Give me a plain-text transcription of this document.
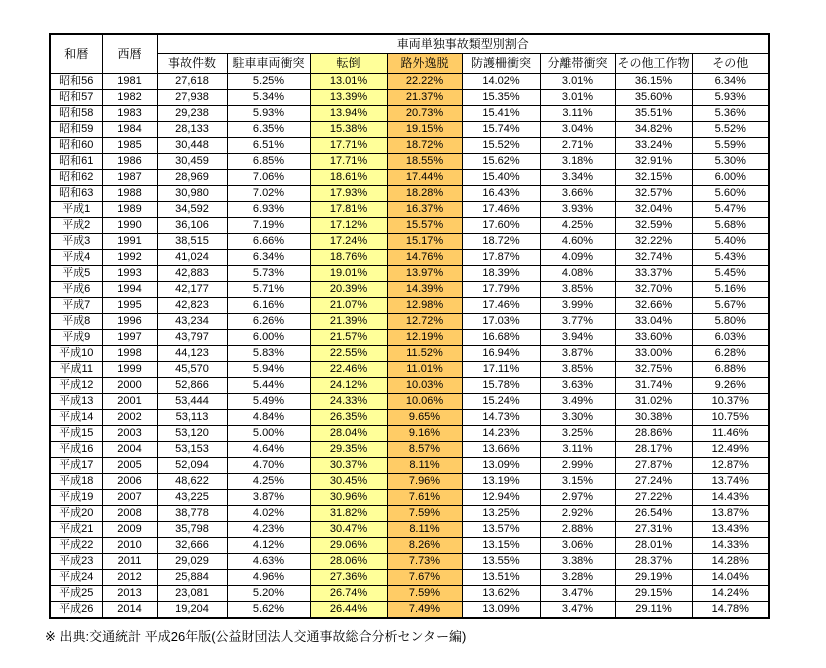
和暦	西暦	車両単独事故類型別割合							
		事故件数	駐車車両衝突	転倒	路外逸脱	防護柵衝突	分離帯衝突	その他工作物	その他
昭和56	1981	27,618	5.25%	13.01%	22.22%	14.02%	3.01%	36.15%	6.34%
昭和57	1982	27,938	5.34%	13.39%	21.37%	15.35%	3.01%	35.60%	5.93%
昭和58	1983	29,238	5.93%	13.94%	20.73%	15.41%	3.11%	35.51%	5.36%
昭和59	1984	28,133	6.35%	15.38%	19.15%	15.74%	3.04%	34.82%	5.52%
昭和60	1985	30,448	6.51%	17.71%	18.72%	15.52%	2.71%	33.24%	5.59%
昭和61	1986	30,459	6.85%	17.71%	18.55%	15.62%	3.18%	32.91%	5.30%
昭和62	1987	28,969	7.06%	18.61%	17.44%	15.40%	3.34%	32.15%	6.00%
昭和63	1988	30,980	7.02%	17.93%	18.28%	16.43%	3.66%	32.57%	5.60%
平成1	1989	34,592	6.93%	17.81%	16.37%	17.46%	3.93%	32.04%	5.47%
平成2	1990	36,106	7.19%	17.12%	15.57%	17.60%	4.25%	32.59%	5.68%
平成3	1991	38,515	6.66%	17.24%	15.17%	18.72%	4.60%	32.22%	5.40%
平成4	1992	41,024	6.34%	18.76%	14.76%	17.87%	4.09%	32.74%	5.43%
平成5	1993	42,883	5.73%	19.01%	13.97%	18.39%	4.08%	33.37%	5.45%
平成6	1994	42,177	5.71%	20.39%	14.39%	17.79%	3.85%	32.70%	5.16%
平成7	1995	42,823	6.16%	21.07%	12.98%	17.46%	3.99%	32.66%	5.67%
平成8	1996	43,234	6.26%	21.39%	12.72%	17.03%	3.77%	33.04%	5.80%
平成9	1997	43,797	6.00%	21.57%	12.19%	16.68%	3.94%	33.60%	6.03%
平成10	1998	44,123	5.83%	22.55%	11.52%	16.94%	3.87%	33.00%	6.28%
平成11	1999	45,570	5.94%	22.46%	11.01%	17.11%	3.85%	32.75%	6.88%
平成12	2000	52,866	5.44%	24.12%	10.03%	15.78%	3.63%	31.74%	9.26%
平成13	2001	53,444	5.49%	24.33%	10.06%	15.24%	3.49%	31.02%	10.37%
平成14	2002	53,113	4.84%	26.35%	9.65%	14.73%	3.30%	30.38%	10.75%
平成15	2003	53,120	5.00%	28.04%	9.16%	14.23%	3.25%	28.86%	11.46%
平成16	2004	53,153	4.64%	29.35%	8.57%	13.66%	3.11%	28.17%	12.49%
平成17	2005	52,094	4.70%	30.37%	8.11%	13.09%	2.99%	27.87%	12.87%
平成18	2006	48,622	4.25%	30.45%	7.96%	13.19%	3.15%	27.24%	13.74%
平成19	2007	43,225	3.87%	30.96%	7.61%	12.94%	2.97%	27.22%	14.43%
平成20	2008	38,778	4.02%	31.82%	7.59%	13.25%	2.92%	26.54%	13.87%
平成21	2009	35,798	4.23%	30.47%	8.11%	13.57%	2.88%	27.31%	13.43%
平成22	2010	32,666	4.12%	29.06%	8.26%	13.15%	3.06%	28.01%	14.33%
平成23	2011	29,029	4.63%	28.06%	7.73%	13.55%	3.38%	28.37%	14.28%
平成24	2012	25,884	4.96%	27.36%	7.67%	13.51%	3.28%	29.19%	14.04%
平成25	2013	23,081	5.20%	26.74%	7.59%	13.62%	3.47%	29.15%	14.24%
平成26	2014	19,204	5.62%	26.44%	7.49%	13.09%	3.47%	29.11%	14.78%
※ 出典:交通統計 平成26年版(公益財団法人交通事故総合分析センター編)
